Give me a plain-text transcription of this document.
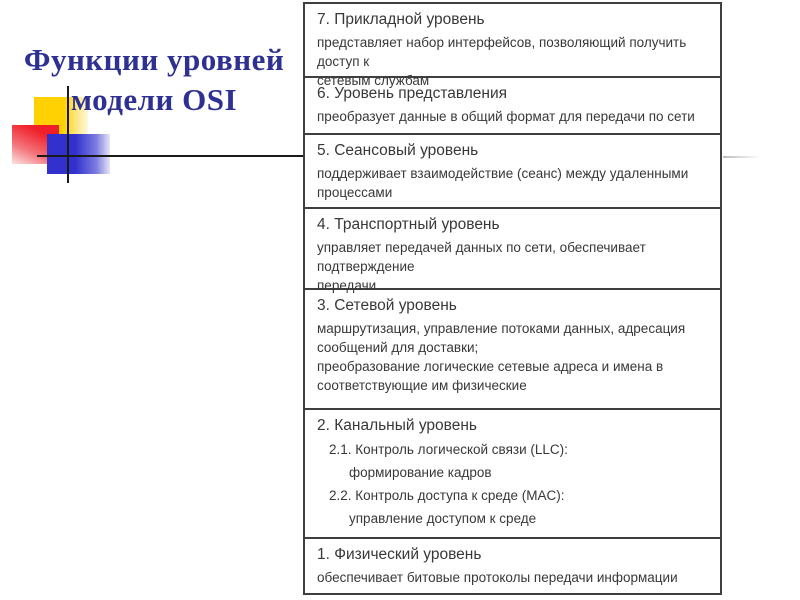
Функции уровней
модели OSI
7. Прикладной уровень
представляет набор интерфейсов, позволяющий получить доступ к
сетевым службам
6. Уровень представления
преобразует данные в общий формат для передачи по сети
5. Сеансовый уровень
поддерживает взаимодействие (сеанс) между удаленными
процессами
4. Транспортный уровень
управляет передачей данных по сети, обеспечивает подтверждение
передачи
3. Сетевой уровень
маршрутизация, управление потоками данных, адресация
сообщений для доставки;
преобразование логические сетевые адреса и имена в
соответствующие им физические
2. Канальный уровень
2.1. Контроль логической связи (LLC):
формирование кадров
2.2. Контроль доступа к среде (MAC):
управление доступом к среде
1. Физический уровень
обеспечивает битовые протоколы передачи информации
